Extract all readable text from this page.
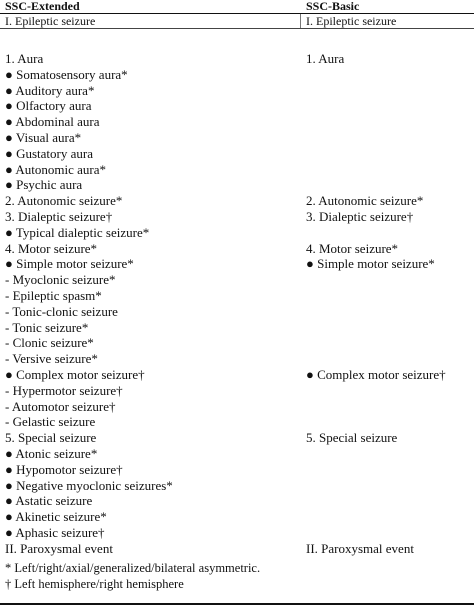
SSC-Extended	SSC-Basic
I. Epileptic seizure	I. Epileptic seizure
1. Aura
● Somatosensory aura*
● Auditory aura*
● Olfactory aura
● Abdominal aura
● Visual aura*
● Gustatory aura
● Autonomic aura*
● Psychic aura
2. Autonomic seizure*
3. Dialeptic seizure†
● Typical dialeptic seizure*
4. Motor seizure*
● Simple motor seizure*
- Myoclonic seizure*
- Epileptic spasm*
- Tonic-clonic seizure
- Tonic seizure*
- Clonic seizure*
- Versive seizure*
● Complex motor seizure†
- Hypermotor seizure†
- Automotor seizure†
- Gelastic seizure
5. Special seizure
● Atonic seizure*
● Hypomotor seizure†
● Negative myoclonic seizures*
● Astatic seizure
● Akinetic seizure*
● Aphasic seizure†
II. Paroxysmal event
1. Aura
2. Autonomic seizure*
3. Dialeptic seizure†
4. Motor seizure*
● Simple motor seizure*
● Complex motor seizure†
5. Special seizure
II. Paroxysmal event
* Left/right/axial/generalized/bilateral asymmetric.
† Left hemisphere/right hemisphere
